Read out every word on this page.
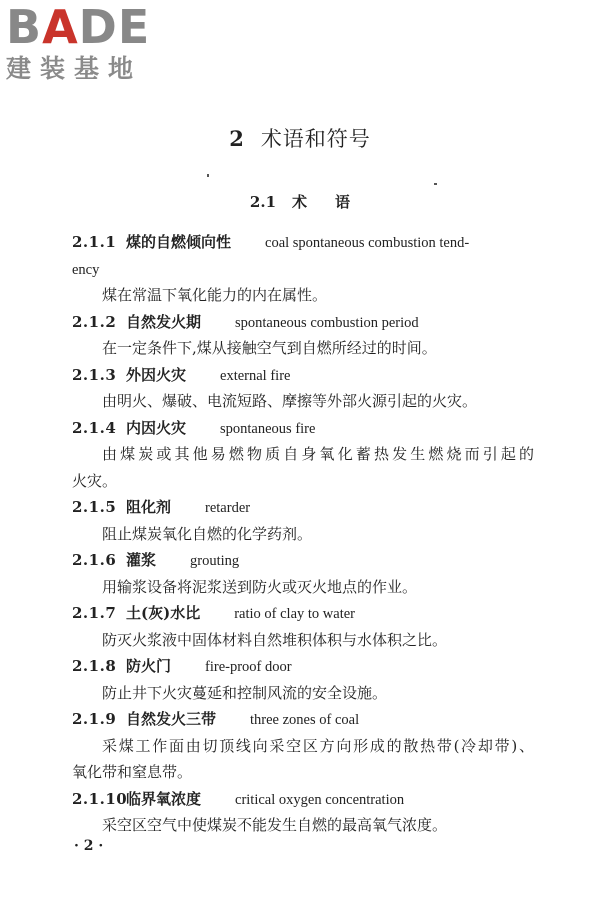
BADE
建装基地
2 术语和符号
2.1 术 语
2.1.1 煤的自燃倾向性 coal spontaneous combustion tend-
ency
煤在常温下氧化能力的内在属性。
2.1.2 自然发火期 spontaneous combustion period
在一定条件下,煤从接触空气到自燃所经过的时间。
2.1.3 外因火灾 external fire
由明火、爆破、电流短路、摩擦等外部火源引起的火灾。
2.1.4 内因火灾 spontaneous fire
由煤炭或其他易燃物质自身氧化蓄热发生燃烧而引起的
火灾。
2.1.5 阻化剂 retarder
阻止煤炭氧化自燃的化学药剂。
2.1.6 灌浆 grouting
用输浆设备将泥浆送到防火或灭火地点的作业。
2.1.7 土(灰)水比 ratio of clay to water
防灭火浆液中固体材料自然堆积体积与水体积之比。
2.1.8 防火门 fire-proof door
防止井下火灾蔓延和控制风流的安全设施。
2.1.9 自然发火三带 three zones of coal
采煤工作面由切顶线向采空区方向形成的散热带(冷却带)、
氧化带和窒息带。
2.1.10临界氧浓度 critical oxygen concentration
采空区空气中使煤炭不能发生自燃的最高氧气浓度。
· 2 ·
